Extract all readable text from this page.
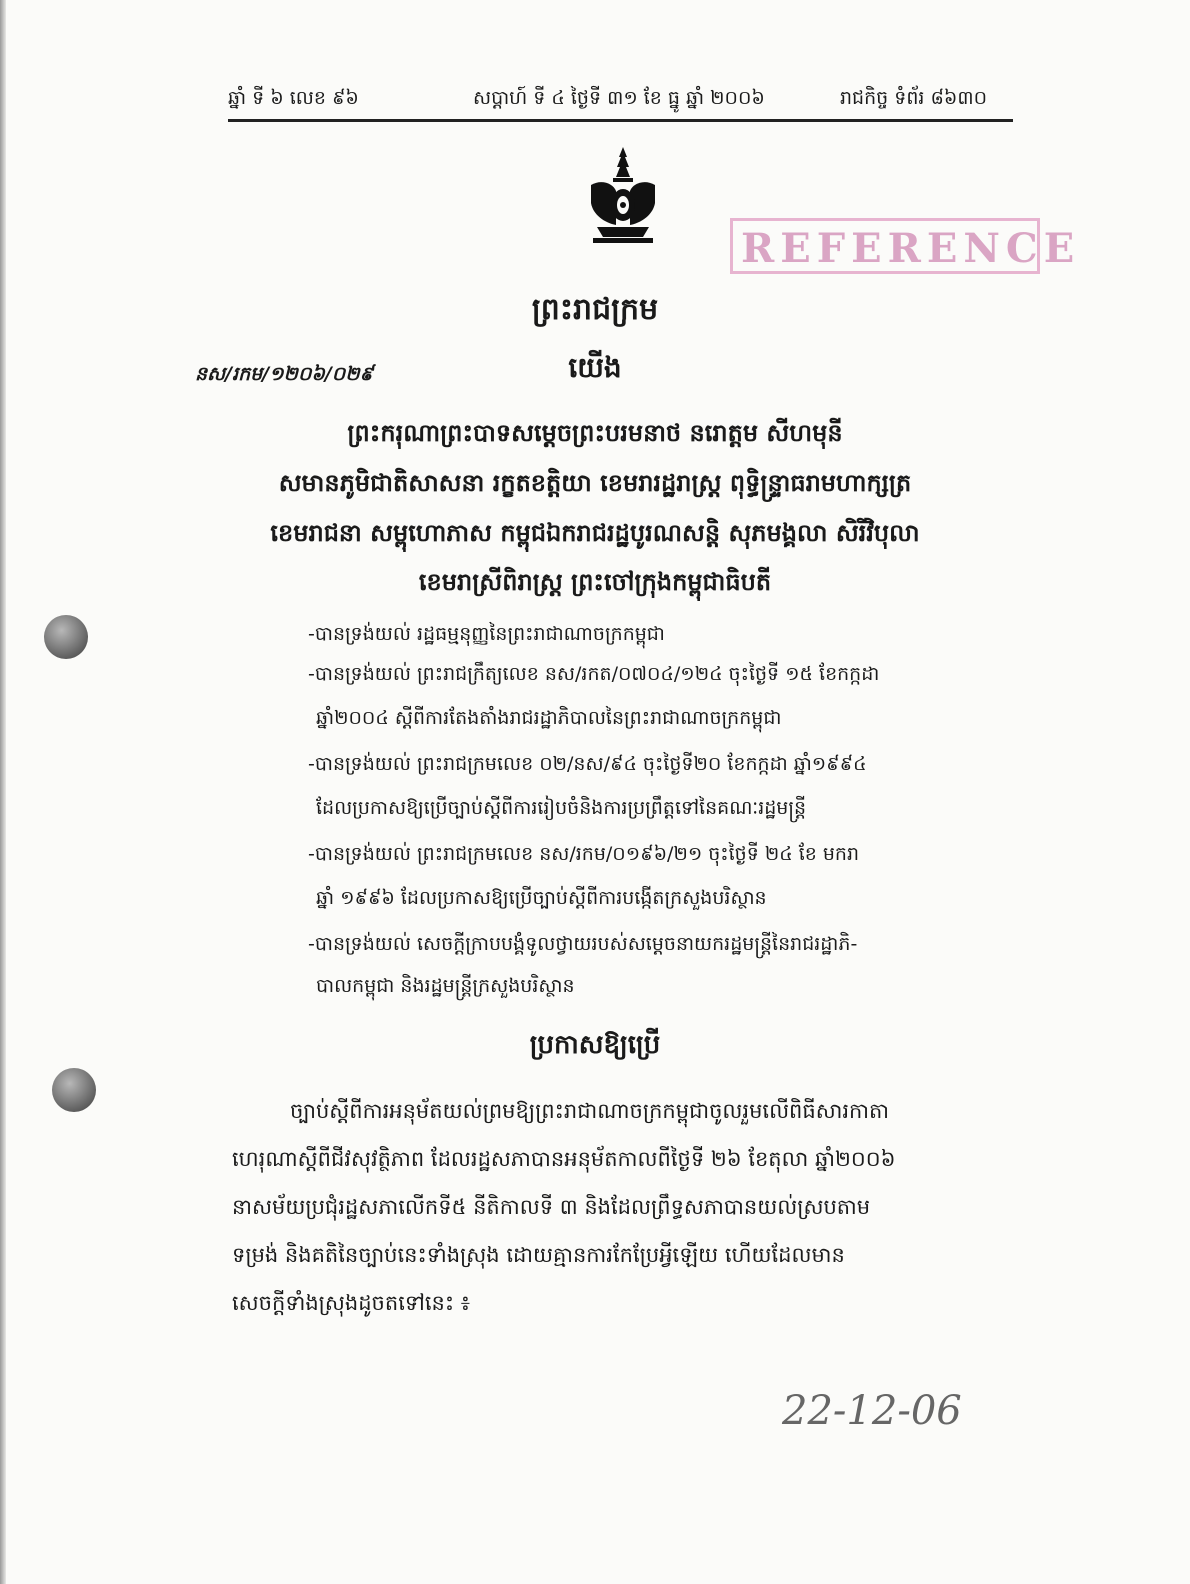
ឆ្នាំ ទី ៦ លេខ ៩៦	សប្តាហ៍ ទី ៤ ថ្ងៃទី ៣១ ខែ ធ្នូ ឆ្នាំ ២០០៦	រាជកិច្ច ទំព័រ ៨៦៣០
REFERENCE
ព្រះរាជក្រម
នស/រកម/១២០៦/០២៩	យើង
ព្រះករុណាព្រះបាទសម្តេចព្រះបរមនាថ នរោត្តម សីហមុនី
សមានភូមិជាតិសាសនា រក្ខតខត្តិយា ខេមរារដ្ឋរាស្ត្រ ពុទ្ធិន្ទ្រាធរាមហាក្សត្រ
ខេមរាជនា សម្ពុហោភាស កម្ពុជឯករាជរដ្ឋបូរណសន្តិ សុភមង្គលា សិរីវិបុលា
ខេមរាស្រីពិរាស្ត្រ ព្រះចៅក្រុងកម្ពុជាធិបតី
-បានទ្រង់យល់ រដ្ឋធម្មនុញ្ញនៃព្រះរាជាណាចក្រកម្ពុជា
-បានទ្រង់យល់ ព្រះរាជក្រឹត្យលេខ នស/រកត/០៧០៤/១២៤ ចុះថ្ងៃទី ១៥ ខែកក្កដា
ឆ្នាំ២០០៤ ស្តីពីការតែងតាំងរាជរដ្ឋាភិបាលនៃព្រះរាជាណាចក្រកម្ពុជា
-បានទ្រង់យល់ ព្រះរាជក្រមលេខ ០២/នស/៩៤ ចុះថ្ងៃទី២០ ខែកក្កដា ឆ្នាំ១៩៩៤
ដែលប្រកាសឱ្យប្រើច្បាប់ស្តីពីការរៀបចំនិងការប្រព្រឹត្តទៅនៃគណៈរដ្ឋមន្ត្រី
-បានទ្រង់យល់ ព្រះរាជក្រមលេខ នស/រកម/០១៩៦/២១ ចុះថ្ងៃទី ២៤ ខែ មករា
ឆ្នាំ ១៩៩៦ ដែលប្រកាសឱ្យប្រើច្បាប់ស្តីពីការបង្កើតក្រសួងបរិស្ថាន
-បានទ្រង់យល់ សេចក្តីក្រាបបង្គំទូលថ្វាយរបស់សម្តេចនាយករដ្ឋមន្ត្រីនៃរាជរដ្ឋាភិ-
បាលកម្ពុជា និងរដ្ឋមន្ត្រីក្រសួងបរិស្ថាន
ប្រកាសឱ្យប្រើ
ច្បាប់ស្តីពីការអនុម័តយល់ព្រមឱ្យព្រះរាជាណាចក្រកម្ពុជាចូលរួមលើពិធីសារកាតា
ហេរុណាស្តីពីជីវសុវត្ថិភាព ដែលរដ្ឋសភាបានអនុម័តកាលពីថ្ងៃទី ២៦ ខែតុលា ឆ្នាំ២០០៦
នាសម័យប្រជុំរដ្ឋសភាលើកទី៥ នីតិកាលទី ៣ និងដែលព្រឹទ្ធសភាបានយល់ស្របតាម
ទម្រង់ និងគតិនៃច្បាប់នេះទាំងស្រុង ដោយគ្មានការកែប្រែអ្វីឡើយ ហើយដែលមាន
សេចក្តីទាំងស្រុងដូចតទៅនេះ ៖
22-12-06
